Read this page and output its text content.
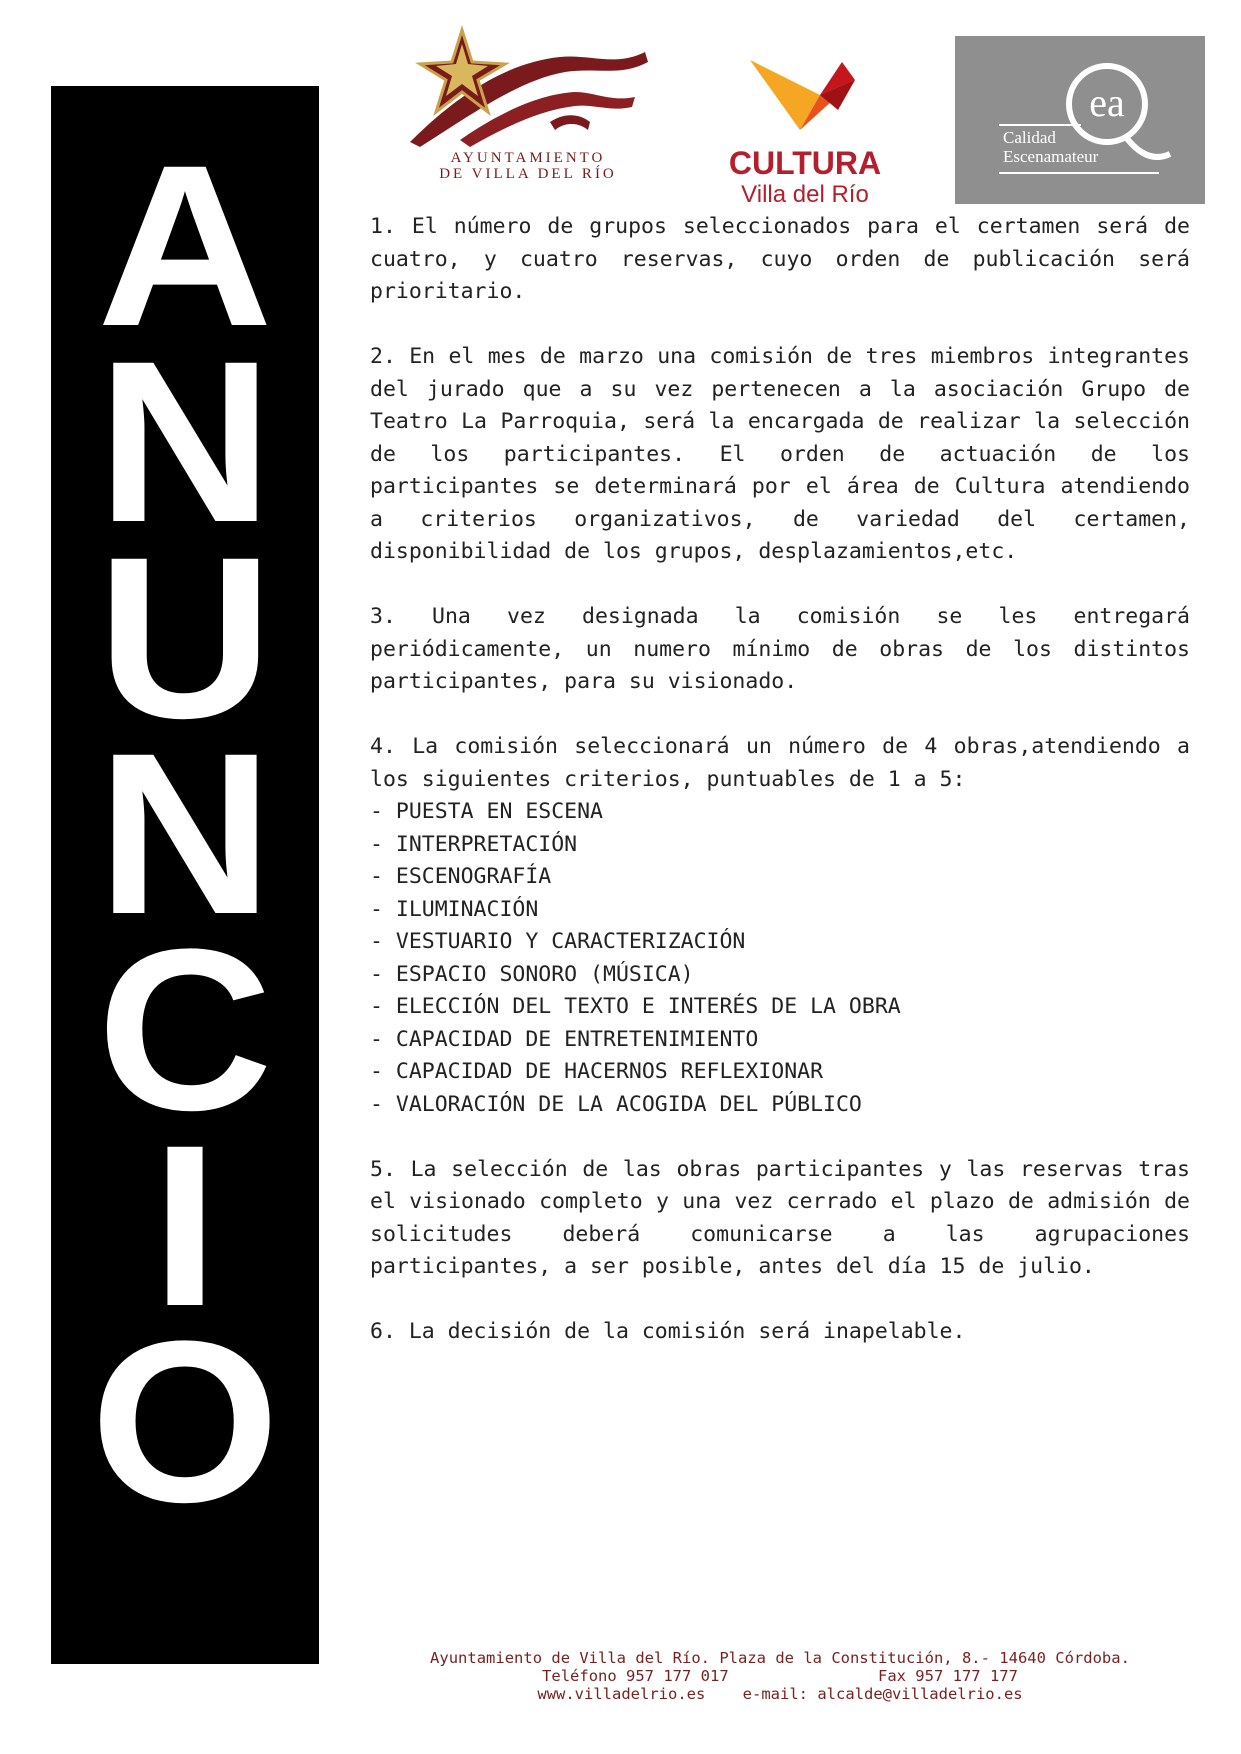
A
N
U
N
C
I
O
AYUNTAMIENTO
DE VILLA DEL RÍO	CULTURA
Villa del Río
ea
Calidad
Escenamateur

1. El número de grupos seleccionados para el certamen será de cuatro, y cuatro reservas, cuyo orden de publicación será prioritario.

2. En el mes de marzo una comisión de tres miembros integrantes del jurado que a su vez pertenecen a la asociación Grupo de Teatro La Parroquia, será la encargada de realizar la selección de los participantes. El orden de actuación de los participantes se determinará por el área de Cultura atendiendo a criterios organizativos, de variedad del certamen, disponibilidad de los grupos, desplazamientos,etc.

3. Una vez designada la comisión se les entregará periódicamente, un numero mínimo de obras de los distintos participantes, para su visionado.

4. La comisión seleccionará un número de 4 obras,atendiendo a los siguientes criterios, puntuables de 1 a 5:

- PUESTA EN ESCENA
- INTERPRETACIÓN
- ESCENOGRAFÍA
- ILUMINACIÓN
- VESTUARIO Y CARACTERIZACIÓN
- ESPACIO SONORO (MÚSICA)
- ELECCIÓN DEL TEXTO E INTERÉS DE LA OBRA
- CAPACIDAD DE ENTRETENIMIENTO
- CAPACIDAD DE HACERNOS REFLEXIONAR
- VALORACIÓN DE LA ACOGIDA DEL PÚBLICO

5. La selección de las obras participantes y las reservas tras el visionado completo y una vez cerrado el plazo de admisión de solicitudes deberá comunicarse a las agrupaciones participantes, a ser posible, antes del día 15 de julio.

6. La decisión de la comisión será inapelable.

Ayuntamiento de Villa del Río. Plaza de la Constitución, 8.- 14640 Córdoba.
Teléfono 957 177 017	Fax 957 177 177
www.villadelrio.es e-mail: alcalde@villadelrio.es
